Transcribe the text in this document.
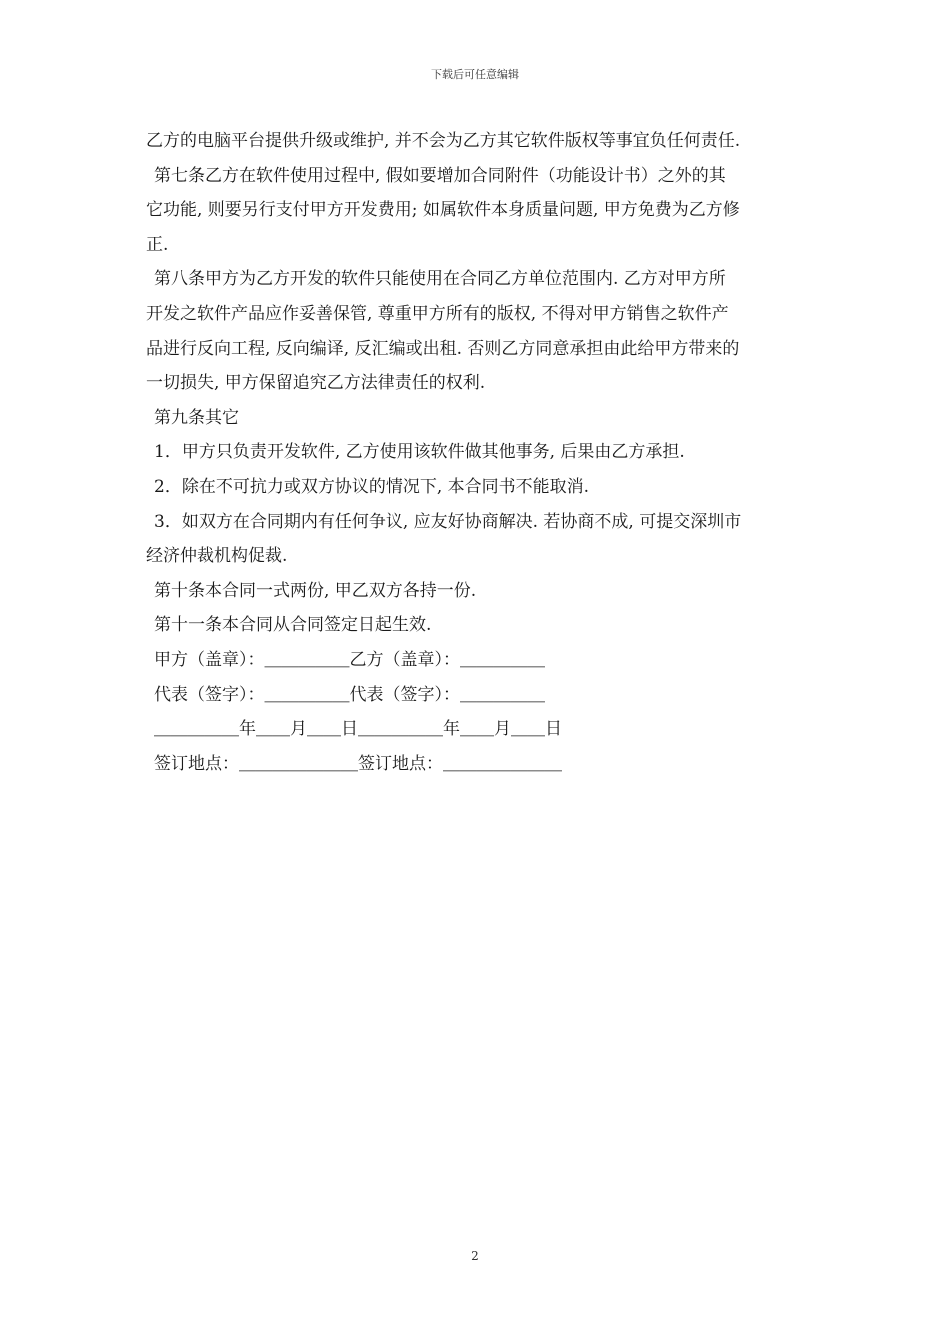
下载后可任意编辑
乙方的电脑平台提供升级或维护, 并不会为乙方其它软件版权等事宜负任何责任.
第七条乙方在软件使用过程中, 假如要增加合同附件（功能设计书）之外的其
它功能, 则要另行支付甲方开发费用; 如属软件本身质量问题, 甲方免费为乙方修
正.
第八条甲方为乙方开发的软件只能使用在合同乙方单位范围内. 乙方对甲方所
开发之软件产品应作妥善保管, 尊重甲方所有的版权, 不得对甲方销售之软件产
品进行反向工程, 反向编译, 反汇编或出租. 否则乙方同意承担由此给甲方带来的
一切损失, 甲方保留追究乙方法律责任的权利.
第九条其它
1．甲方只负责开发软件, 乙方使用该软件做其他事务, 后果由乙方承担.
2．除在不可抗力或双方协议的情况下, 本合同书不能取消.
3．如双方在合同期内有任何争议, 应友好协商解决. 若协商不成, 可提交深圳市
经济仲裁机构促裁.
第十条本合同一式两份, 甲乙双方各持一份.
第十一条本合同从合同签定日起生效.
甲方（盖章）：＿＿＿＿＿乙方（盖章）：＿＿＿＿＿
代表（签字）：＿＿＿＿＿代表（签字）：＿＿＿＿＿
＿＿＿＿＿年＿＿月＿＿日＿＿＿＿＿年＿＿月＿＿日
签订地点：＿＿＿＿＿＿＿签订地点：＿＿＿＿＿＿＿
2
